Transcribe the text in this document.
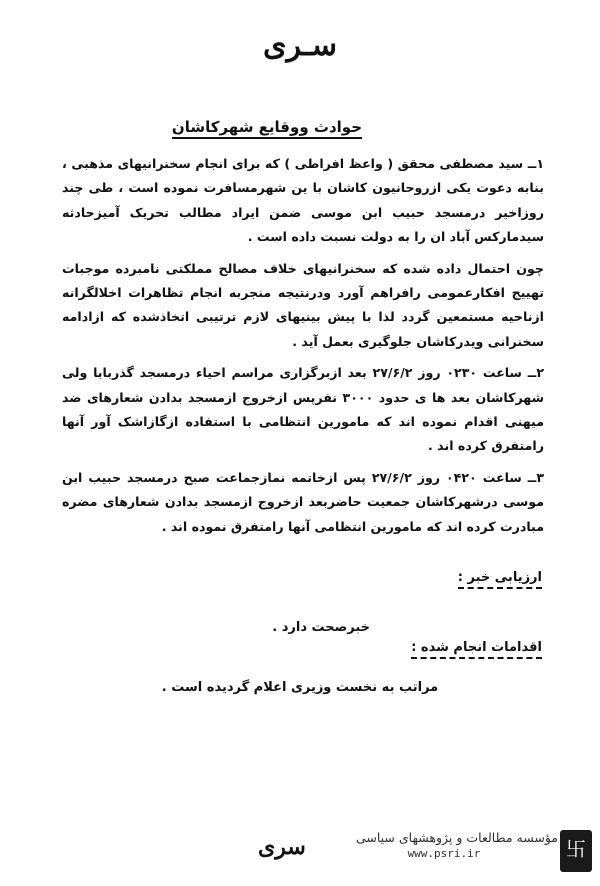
سـرى
حوادث ووقایع شهرکاشان

۱ــ سید مصطفی محقق ( واعظ افراطی ) که برای انجام سخنرانیهای مذهبی ، بنابه دعوت یکی ازروحانیون کاشان با ین شهرمسافرت نموده است ، طی چند روزاخیر درمسجد حبیب ابن موسی ضمن ایراد مطالب تحریک آمیزحادثه سیدمارکس آباد ان را به دولت نسبت داده است .

چون احتمال داده شده که سخنرانیهای خلاف مصالح مملکتی نامبرده موجبات تهییج افکارعمومی رافراهم آورد ودرنتیجه منجربه انجام تظاهرات اخلالگرانه ازناحیه مستمعین گردد لذا با پیش بینیهای لازم ترتیبی اتخاذشده که ازادامه سخنرانی ویدرکاشان جلوگیری بعمل آید .

۲ــ ساعت ۰۲۳۰ روز ۲۷/۶/۲ بعد ازبرگزاری مراسم احیاء درمسجد گذربابا ولی شهرکاشان بعد ها ی حدود ۳۰۰۰ نفرپس ازخروج ازمسجد بدادن شعارهای ضد میهنی اقدام نموده اند که مامورین انتظامی با استفاده ازگازاشک آور آنها رامتفرق کرده اند .

۳ــ ساعت ۰۴۲۰ روز ۲۷/۶/۲ پس ازخاتمه نمازجماعت صبح درمسجد حبیب ابن موسی درشهرکاشان جمعیت حاضربعد ازخروج ازمسجد بدادن شعارهای مضره مبادرت کرده اند که مامورین انتظامی آنها رامتفرق نموده اند .

ارزیابی خبر :
خبرصحت دارد .
اقدامات انجام شده :
مراتب به نخست وزیری اعلام گردیده است .
سرى	مؤسسه مطالعات و پژوهشهای سیاسی
www.psri.ir	卐
